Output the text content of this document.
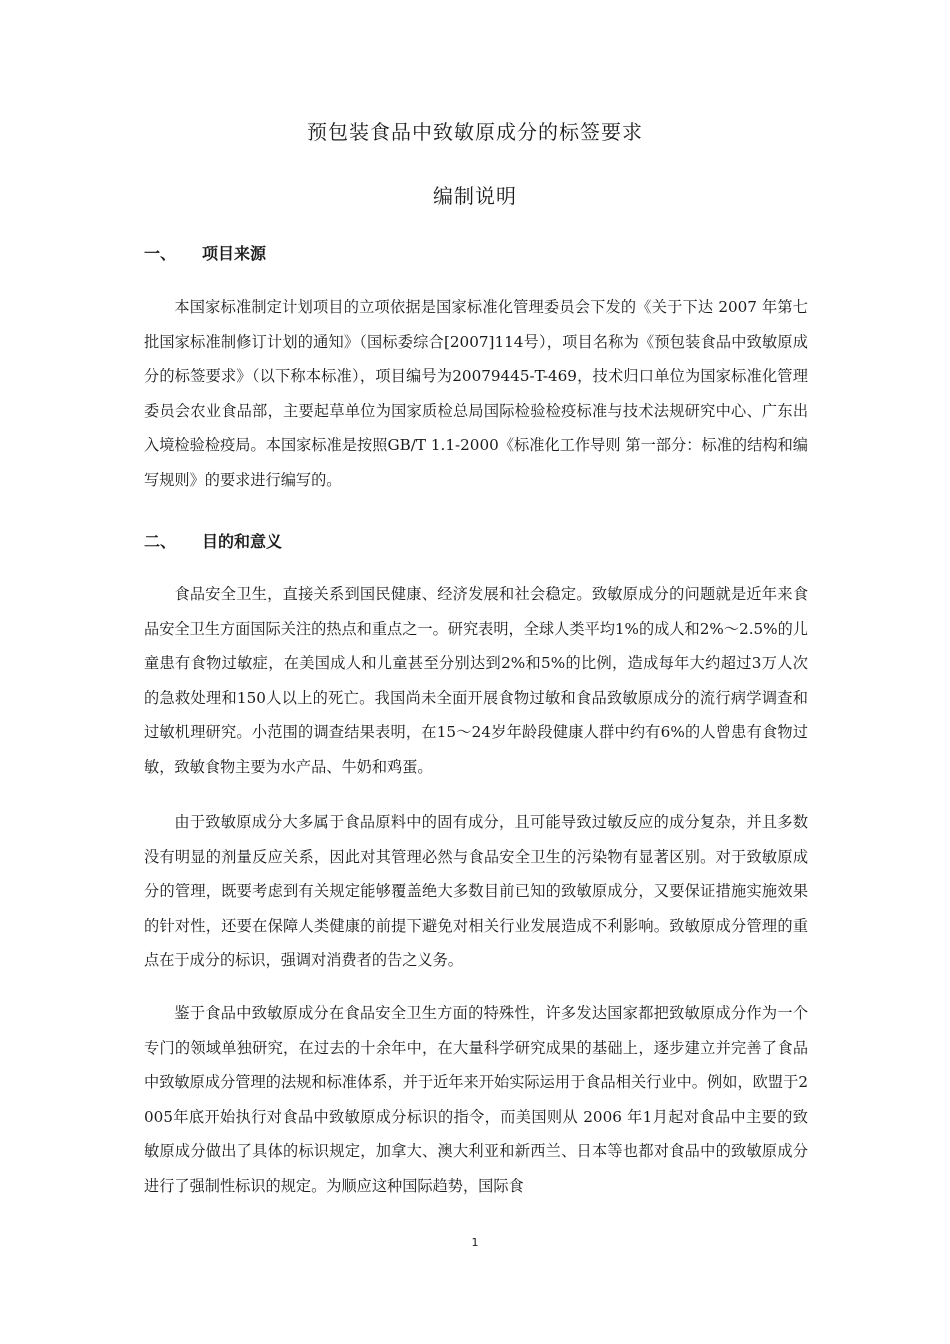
预包装食品中致敏原成分的标签要求
编制说明
一、	项目来源

本国家标准制定计划项目的立项依据是国家标准化管理委员会下发的《关于下达 2007 年第七批国家标准制修订计划的通知》（国标委综合[2007]114号），项目名称为《预包装食品中致敏原成分的标签要求》（以下称本标准），项目编号为20079445-T-469，技术归口单位为国家标准化管理委员会农业食品部，主要起草单位为国家质检总局国际检验检疫标准与技术法规研究中心、广东出入境检验检疫局。本国家标准是按照GB/T 1.1-2000《标准化工作导则 第一部分：标准的结构和编写规则》的要求进行编写的。

二、	目的和意义

食品安全卫生，直接关系到国民健康、经济发展和社会稳定。致敏原成分的问题就是近年来食品安全卫生方面国际关注的热点和重点之一。研究表明，全球人类平均1%的成人和2%～2.5%的儿童患有食物过敏症，在美国成人和儿童甚至分别达到2%和5%的比例，造成每年大约超过3万人次的急救处理和150人以上的死亡。我国尚未全面开展食物过敏和食品致敏原成分的流行病学调查和过敏机理研究。小范围的调查结果表明，在15～24岁年龄段健康人群中约有6%的人曾患有食物过敏，致敏食物主要为水产品、牛奶和鸡蛋。

由于致敏原成分大多属于食品原料中的固有成分，且可能导致过敏反应的成分复杂，并且多数没有明显的剂量反应关系，因此对其管理必然与食品安全卫生的污染物有显著区别。对于致敏原成分的管理，既要考虑到有关规定能够覆盖绝大多数目前已知的致敏原成分，又要保证措施实施效果的针对性，还要在保障人类健康的前提下避免对相关行业发展造成不利影响。致敏原成分管理的重点在于成分的标识，强调对消费者的告之义务。

鉴于食品中致敏原成分在食品安全卫生方面的特殊性，许多发达国家都把致敏原成分作为一个专门的领域单独研究，在过去的十余年中，在大量科学研究成果的基础上，逐步建立并完善了食品中致敏原成分管理的法规和标准体系，并于近年来开始实际运用于食品相关行业中。例如，欧盟于2005年底开始执行对食品中致敏原成分标识的指令，而美国则从 2006 年1月起对食品中主要的致敏原成分做出了具体的标识规定，加拿大、澳大利亚和新西兰、日本等也都对食品中的致敏原成分进行了强制性标识的规定。为顺应这种国际趋势，国际食

1
